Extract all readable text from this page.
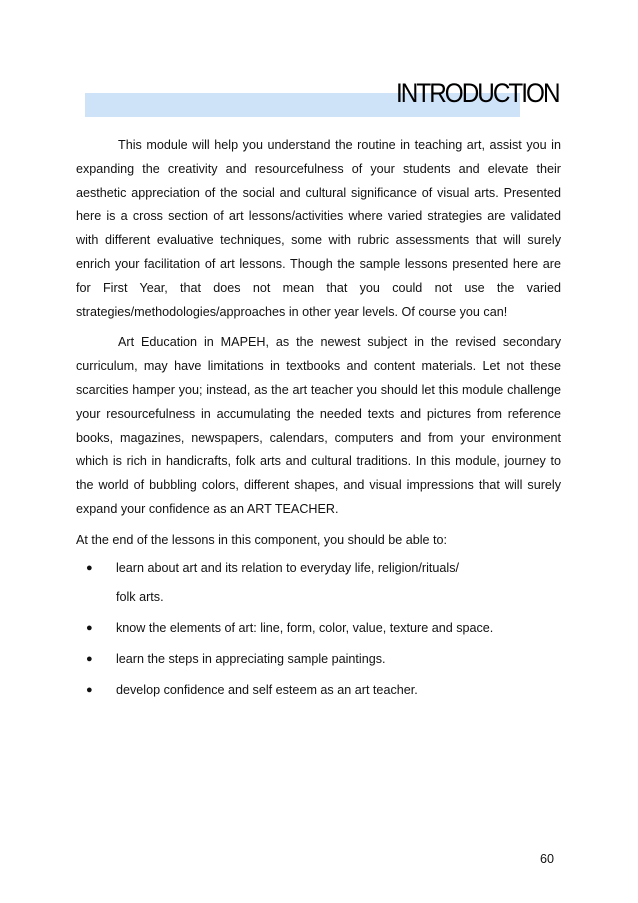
INTRODUCTION

This module will help you understand the routine in teaching art, assist you in expanding the creativity and resourcefulness of your students and elevate their aesthetic appreciation of the social and cultural significance of visual arts. Presented here is a cross section of art lessons/activities where varied strategies are validated with different evaluative techniques, some with rubric assessments that will surely enrich your facilitation of art lessons. Though the sample lessons presented here are for First Year, that does not mean that you could not use the varied strategies/methodologies/approaches in other year levels. Of course you can!

Art Education in MAPEH, as the newest subject in the revised secondary curriculum, may have limitations in textbooks and content materials. Let not these scarcities hamper you; instead, as the art teacher you should let this module challenge your resourcefulness in accumulating the needed texts and pictures from reference books, magazines, newspapers, calendars, computers and from your environment which is rich in handicrafts, folk arts and cultural traditions. In this module, journey to the world of bubbling colors, different shapes, and visual impressions that will surely expand your confidence as an ART TEACHER.

At the end of the lessons in this component, you should be able to:

● learn about art and its relation to everyday life, religion/rituals/
folk arts.
● know the elements of art: line, form, color, value, texture and space.
● learn the steps in appreciating sample paintings.
● develop confidence and self esteem as an art teacher.
60
